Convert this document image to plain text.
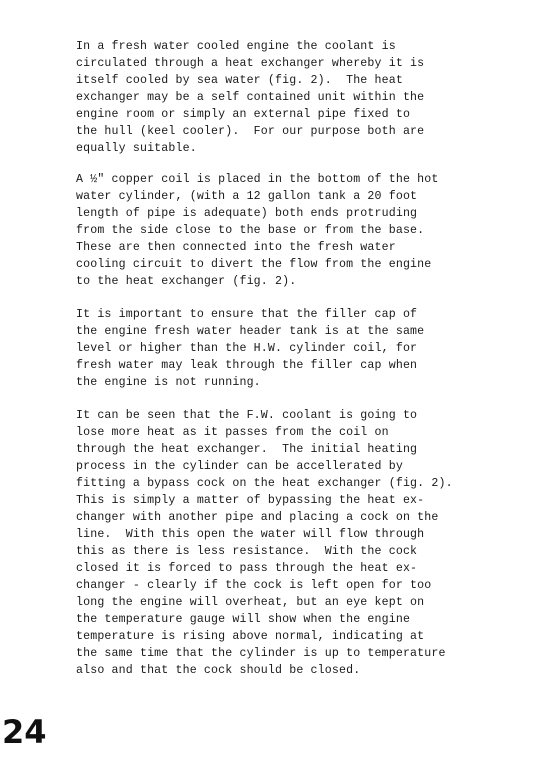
In a fresh water cooled engine the coolant is
circulated through a heat exchanger whereby it is
itself cooled by sea water (fig. 2).  The heat
exchanger may be a self contained unit within the
engine room or simply an external pipe fixed to
the hull (keel cooler).  For our purpose both are
equally suitable.

A ½" copper coil is placed in the bottom of the hot
water cylinder, (with a 12 gallon tank a 20 foot
length of pipe is adequate) both ends protruding
from the side close to the base or from the base.
These are then connected into the fresh water
cooling circuit to divert the flow from the engine
to the heat exchanger (fig. 2).

It is important to ensure that the filler cap of
the engine fresh water header tank is at the same
level or higher than the H.W. cylinder coil, for
fresh water may leak through the filler cap when
the engine is not running.

It can be seen that the F.W. coolant is going to
lose more heat as it passes from the coil on
through the heat exchanger.  The initial heating
process in the cylinder can be accellerated by
fitting a bypass cock on the heat exchanger (fig. 2).
This is simply a matter of bypassing the heat ex-
changer with another pipe and placing a cock on the
line.  With this open the water will flow through
this as there is less resistance.  With the cock
closed it is forced to pass through the heat ex-
changer - clearly if the cock is left open for too
long the engine will overheat, but an eye kept on
the temperature gauge will show when the engine
temperature is rising above normal, indicating at
the same time that the cylinder is up to temperature
also and that the cock should be closed.

24
